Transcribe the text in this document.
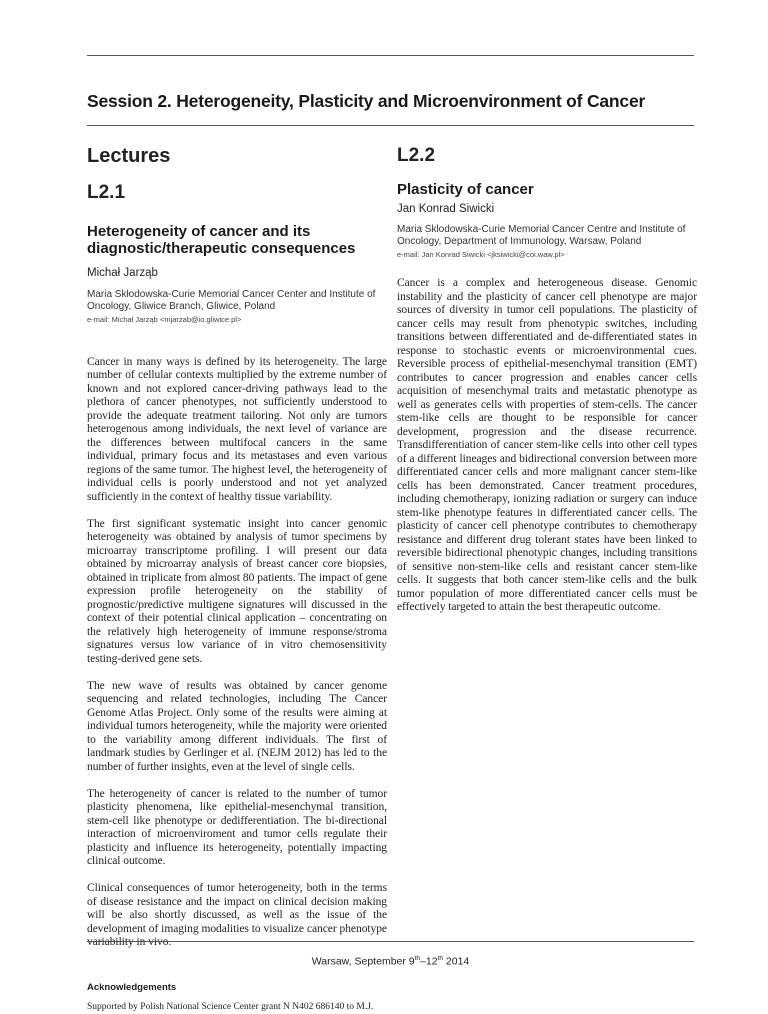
Session 2. Heterogeneity, Plasticity and Microenvironment of Cancer
Lectures
L2.1
Heterogeneity of cancer and its diagnostic/therapeutic consequences

Michał Jarząb

Maria Skłodowska-Curie Memorial Cancer Center and Institute of Oncology, Gliwice Branch, Gliwice, Poland

e-mail: Michał Jarząb <mjarzab@io.gliwice.pl>

Cancer in many ways is defined by its heterogeneity. The large number of cellular contexts multiplied by the extreme number of known and not explored cancer-driving pathways lead to the plethora of cancer phenotypes, not sufficiently understood to provide the adequate treatment tailoring. Not only are tumors heterogenous among individuals, the next level of variance are the differences between multifocal cancers in the same individual, primary focus and its metastases and even various regions of the same tumor. The highest level, the heterogeneity of individual cells is poorly understood and not yet analyzed sufficiently in the context of healthy tissue variability.

The first significant systematic insight into cancer genomic heterogeneity was obtained by analysis of tumor specimens by microarray transcriptome profiling. I will present our data obtained by microarray analysis of breast cancer core biopsies, obtained in triplicate from almost 80 patients. The impact of gene expression profile heterogeneity on the stability of prognostic/predictive multigene signatures will discussed in the context of their potential clinical application – concentrating on the relatively high heterogeneity of immune response/stroma signatures versus low variance of in vitro chemosensitivity testing-derived gene sets.

The new wave of results was obtained by cancer genome sequencing and related technologies, including The Cancer Genome Atlas Project. Only some of the results were aiming at individual tumors heterogeneity, while the majority were oriented to the variability among different individuals. The first of landmark studies by Gerlinger et al. (NEJM 2012) has led to the number of further insights, even at the level of single cells.

The heterogeneity of cancer is related to the number of tumor plasticity phenomena, like epithelial-mesenchymal transition, stem-cell like phenotype or dedifferentiation. The bi-directional interaction of microenviroment and tumor cells regulate their plasticity and influence its heterogeneity, potentially impacting clinical outcome.

Clinical consequences of tumor heterogeneity, both in the terms of disease resistance and the impact on clinical decision making will be also shortly discussed, as well as the issue of the development of imaging modalities to visualize cancer phenotype variability in vivo.

Acknowledgements

Supported by Polish National Science Center grant N N402 686140 to M.J.

L2.2
Plasticity of cancer

Jan Konrad Siwicki

Maria Sklodowska-Curie Memorial Cancer Centre and Institute of Oncology, Department of Immunology, Warsaw, Poland

e-mail: Jan Konrad Siwicki <jksiwicki@coi.waw.pl>

Cancer is a complex and heterogeneous disease. Genomic instability and the plasticity of cancer cell phenotype are major sources of diversity in tumor cell populations. The plasticity of cancer cells may result from phenotypic switches, including transitions between differentiated and de-differentiated states in response to stochastic events or microenvironmental cues. Reversible process of epithelial-mesenchymal transition (EMT) contributes to cancer progression and enables cancer cells acquisition of mesenchymal traits and metastatic phenotype as well as generates cells with properties of stem-cells. The cancer stem-like cells are thought to be responsible for cancer development, progression and the disease recurrence. Transdifferentiation of cancer stem-like cells into other cell types of a different lineages and bidirectional conversion between more differentiated cancer cells and more malignant cancer stem-like cells has been demonstrated. Cancer treatment procedures, including chemotherapy, ionizing radiation or surgery can induce stem-like phenotype features in differentiated cancer cells. The plasticity of cancer cell phenotype contributes to chemotherapy resistance and different drug tolerant states have been linked to reversible bidirectional phenotypic changes, including transitions of sensitive non-stem-like cells and resistant cancer stem-like cells. It suggests that both cancer stem-like cells and the bulk tumor population of more differentiated cancer cells must be effectively targeted to attain the best therapeutic outcome.

Warsaw, September 9th–12th 2014
